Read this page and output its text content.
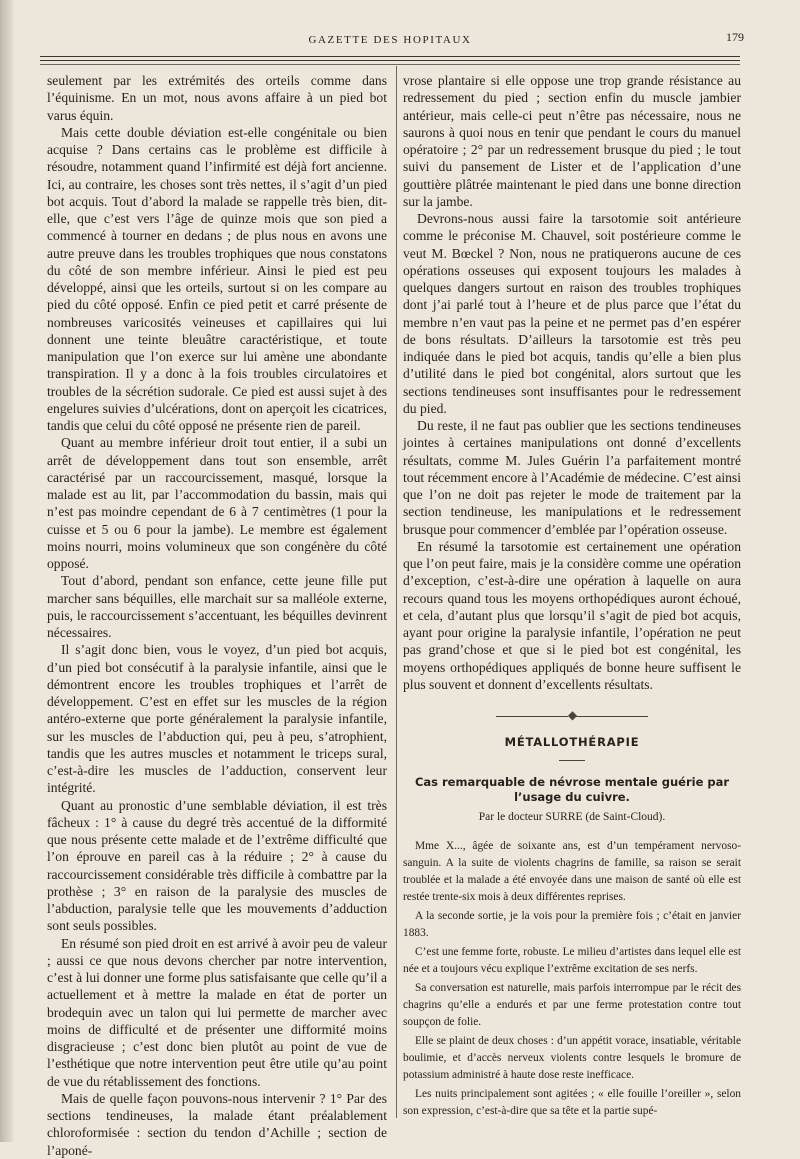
GAZETTE DES HOPITAUX	179

seulement par les extrémités des orteils comme dans l’équinisme. En un mot, nous avons affaire à un pied bot varus équin.

Mais cette double déviation est-elle congénitale ou bien acquise ? Dans certains cas le problème est difficile à résoudre, notamment quand l’infirmité est déjà fort ancienne. Ici, au contraire, les choses sont très nettes, il s’agit d’un pied bot acquis. Tout d’abord la malade se rappelle très bien, dit-elle, que c’est vers l’âge de quinze mois que son pied a commencé à tourner en dedans ; de plus nous en avons une autre preuve dans les troubles trophiques que nous constatons du côté de son membre inférieur. Ainsi le pied est peu développé, ainsi que les orteils, surtout si on les compare au pied du côté opposé. Enfin ce pied petit et carré présente de nombreuses varicosités veineuses et capillaires qui lui donnent une teinte bleuâtre caractéristique, et toute manipulation que l’on exerce sur lui amène une abondante transpiration. Il y a donc à la fois troubles circulatoires et troubles de la sécrétion sudorale. Ce pied est aussi sujet à des engelures suivies d’ulcérations, dont on aperçoit les cicatrices, tandis que celui du côté opposé ne présente rien de pareil.

Quant au membre inférieur droit tout entier, il a subi un arrêt de développement dans tout son ensemble, arrêt caractérisé par un raccourcissement, masqué, lorsque la malade est au lit, par l’accommodation du bassin, mais qui n’est pas moindre cependant de 6 à 7 centimètres (1 pour la cuisse et 5 ou 6 pour la jambe). Le membre est également moins nourri, moins volumineux que son congénère du côté opposé.

Tout d’abord, pendant son enfance, cette jeune fille put marcher sans béquilles, elle marchait sur sa malléole externe, puis, le raccourcissement s’accentuant, les béquilles devinrent nécessaires.

Il s’agit donc bien, vous le voyez, d’un pied bot acquis, d’un pied bot consécutif à la paralysie infantile, ainsi que le démontrent encore les troubles trophiques et l’arrêt de développement. C’est en effet sur les muscles de la région antéro-externe que porte généralement la paralysie infantile, sur les muscles de l’abduction qui, peu à peu, s’atrophient, tandis que les autres muscles et notamment le triceps sural, c’est-à-dire les muscles de l’adduction, conservent leur intégrité.

Quant au pronostic d’une semblable déviation, il est très fâcheux : 1° à cause du degré très accentué de la difformité que nous présente cette malade et de l’extrême difficulté que l’on éprouve en pareil cas à la réduire ; 2° à cause du raccourcissement considérable très difficile à combattre par la prothèse ; 3° en raison de la paralysie des muscles de l’abduction, paralysie telle que les mouvements d’adduction sont seuls possibles.

En résumé son pied droit en est arrivé à avoir peu de valeur ; aussi ce que nous devons chercher par notre intervention, c’est à lui donner une forme plus satisfaisante que celle qu’il a actuellement et à mettre la malade en état de porter un brodequin avec un talon qui lui permette de marcher avec moins de difficulté et de présenter une difformité moins disgracieuse ; c’est donc bien plutôt au point de vue de l’esthétique que notre intervention peut être utile qu’au point de vue du rétablissement des fonctions.

Mais de quelle façon pouvons-nous intervenir ? 1° Par des sections tendineuses, la malade étant préalablement chloroformisée : section du tendon d’Achille ; section de l’aponé-

vrose plantaire si elle oppose une trop grande résistance au redressement du pied ; section enfin du muscle jambier antérieur, mais celle-ci peut n’être pas nécessaire, nous ne saurons à quoi nous en tenir que pendant le cours du manuel opératoire ; 2° par un redressement brusque du pied ; le tout suivi du pansement de Lister et de l’application d’une gouttière plâtrée maintenant le pied dans une bonne direction sur la jambe.

Devrons-nous aussi faire la tarsotomie soit antérieure comme le préconise M. Chauvel, soit postérieure comme le veut M. Bœckel ? Non, nous ne pratiquerons aucune de ces opérations osseuses qui exposent toujours les malades à quelques dangers surtout en raison des troubles trophiques dont j’ai parlé tout à l’heure et de plus parce que l’état du membre n’en vaut pas la peine et ne permet pas d’en espérer de bons résultats. D’ailleurs la tarsotomie est très peu indiquée dans le pied bot acquis, tandis qu’elle a bien plus d’utilité dans le pied bot congénital, alors surtout que les sections tendineuses sont insuffisantes pour le redressement du pied.

Du reste, il ne faut pas oublier que les sections tendineuses jointes à certaines manipulations ont donné d’excellents résultats, comme M. Jules Guérin l’a parfaitement montré tout récemment encore à l’Académie de médecine. C’est ainsi que l’on ne doit pas rejeter le mode de traitement par la section tendineuse, les manipulations et le redressement brusque pour commencer d’emblée par l’opération osseuse.

En résumé la tarsotomie est certainement une opération que l’on peut faire, mais je la considère comme une opération d’exception, c’est-à-dire une opération à laquelle on aura recours quand tous les moyens orthopédiques auront échoué, et cela, d’autant plus que lorsqu’il s’agit de pied bot acquis, ayant pour origine la paralysie infantile, l’opération ne peut pas grand’chose et que si le pied bot est congénital, les moyens orthopédiques appliqués de bonne heure suffisent le plus souvent et donnent d’excellents résultats.

◆
MÉTALLOTHÉRAPIE
Cas remarquable de névrose mentale guérie par l’usage du cuivre.
Par le docteur SURRE (de Saint-Cloud).

Mme X..., âgée de soixante ans, est d’un tempérament nervoso-sanguin. A la suite de violents chagrins de famille, sa raison se serait troublée et la malade a été envoyée dans une maison de santé où elle est restée trente-six mois à deux différentes reprises.

A la seconde sortie, je la vois pour la première fois ; c’était en janvier 1883.

C’est une femme forte, robuste. Le milieu d’artistes dans lequel elle est née et a toujours vécu explique l’extrême excitation de ses nerfs.

Sa conversation est naturelle, mais parfois interrompue par le récit des chagrins qu’elle a endurés et par une ferme protestation contre tout soupçon de folie.

Elle se plaint de deux choses : d’un appétit vorace, insatiable, véritable boulimie, et d’accès nerveux violents contre lesquels le bromure de potassium administré à haute dose reste inefficace.

Les nuits principalement sont agitées ; « elle fouille l’oreiller », selon son expression, c’est-à-dire que sa tête et la partie supé-
